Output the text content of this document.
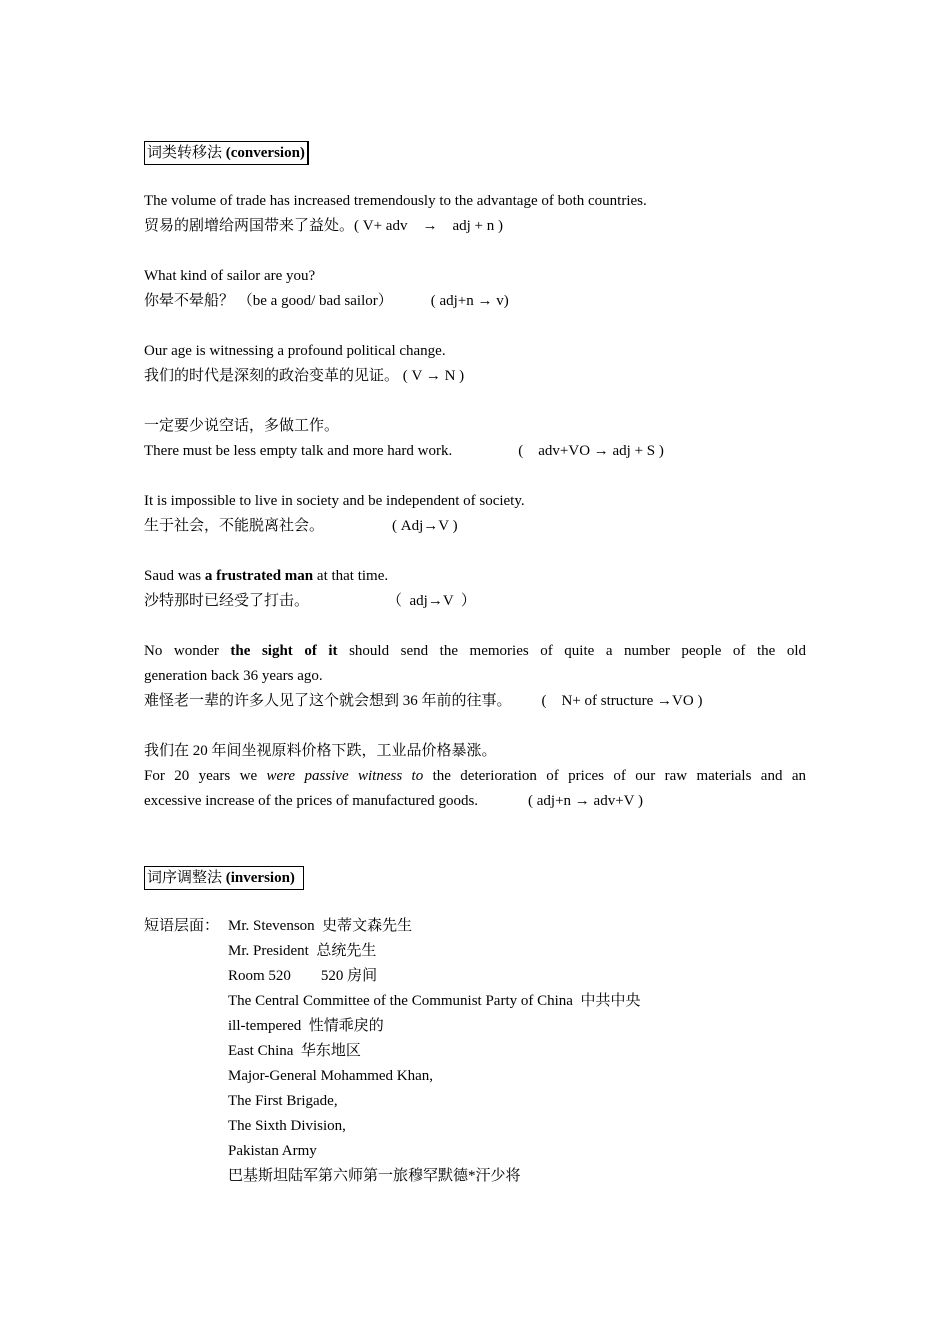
词类转移法 (conversion)
The volume of trade has increased tremendously to the advantage of both countries.
贸易的剧增给两国带来了益处。( V+ adv    →    adj + n )
What kind of sailor are you?
你晕不晕船？ （be a good/ bad sailor）	( adj+n → v)
Our age is witnessing a profound political change.
我们的时代是深刻的政治变革的见证。 ( V → N )
一定要少说空话，多做工作。
There must be less empty talk and more hard work.	(    adv+VO → adj + S )
It is impossible to live in society and be independent of society.
生于社会，不能脱离社会。	( Adj→V )
Saud was a frustrated man at that time.
沙特那时已经受了打击。	（  adj→V  ）
No wonder the sight of it should send the memories of quite a number people of the old
generation back 36 years ago.
难怪老一辈的许多人见了这个就会想到 36 年前的往事。 (    N+ of structure →VO )
我们在 20 年间坐视原料价格下跌，工业品价格暴涨。
For 20 years we were passive witness to the deterioration of prices of our raw materials and an
excessive increase of the prices of manufactured goods.	( adj+n → adv+V )
词序调整法 (inversion)
短语层面： Mr. Stevenson  史蒂文森先生
Mr. President  总统先生
Room 520        520 房间
The Central Committee of the Communist Party of China  中共中央
ill-tempered  性情乖戾的
East China  华东地区
Major-General Mohammed Khan,
The First Brigade,
The Sixth Division,
Pakistan Army
巴基斯坦陆军第六师第一旅穆罕默德*汗少将
